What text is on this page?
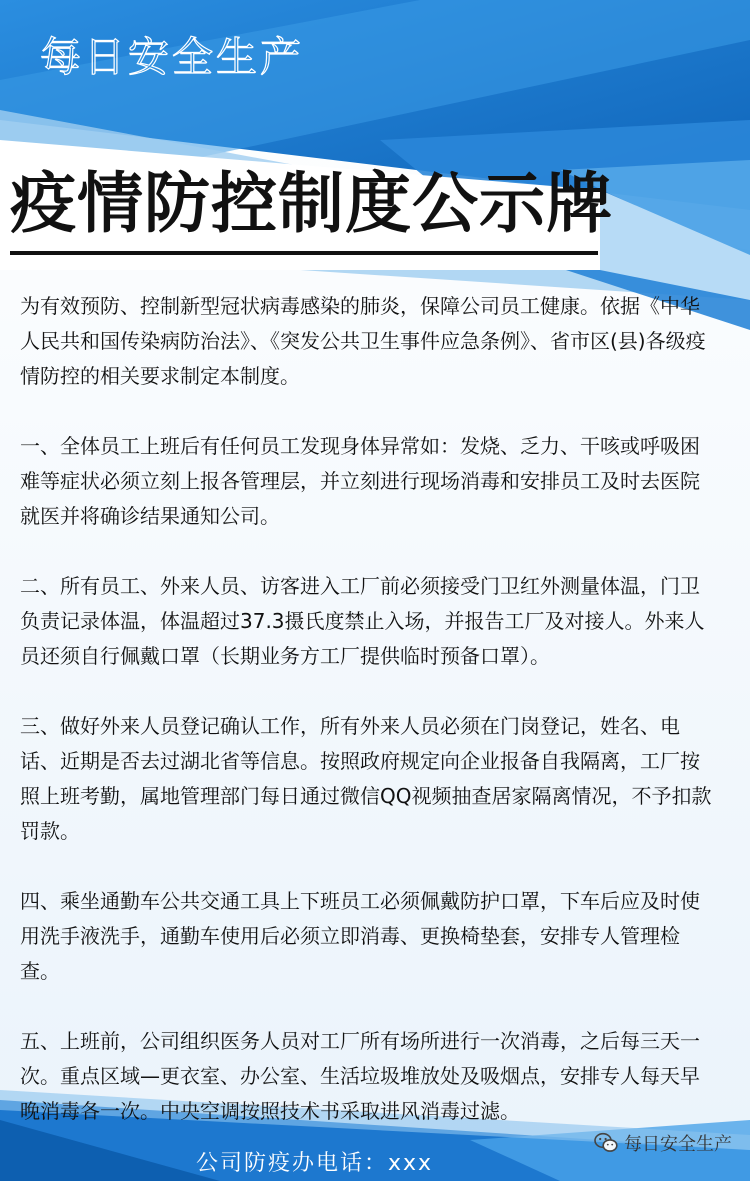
每日安全生产
疫情防控制度公示牌

为有效预防、控制新型冠状病毒感染的肺炎，保障公司员工健康。依据《中华人民共和国传染病防治法》、《突发公共卫生事件应急条例》、省市区(县)各级疫情防控的相关要求制定本制度。

一、全体员工上班后有任何员工发现身体异常如：发烧、乏力、干咳或呼吸困难等症状必须立刻上报各管理层，并立刻进行现场消毒和安排员工及时去医院就医并将确诊结果通知公司。

二、所有员工、外来人员、访客进入工厂前必须接受门卫红外测量体温，门卫负责记录体温，体温超过37.3摄氏度禁止入场，并报告工厂及对接人。外来人员还须自行佩戴口罩（长期业务方工厂提供临时预备口罩）。

三、做好外来人员登记确认工作，所有外来人员必须在门岗登记，姓名、电话、近期是否去过湖北省等信息。按照政府规定向企业报备自我隔离，工厂按照上班考勤，属地管理部门每日通过微信QQ视频抽查居家隔离情况，不予扣款罚款。

四、乘坐通勤车公共交通工具上下班员工必须佩戴防护口罩，下车后应及时使用洗手液洗手，通勤车使用后必须立即消毒、更换椅垫套，安排专人管理检查。

五、上班前，公司组织医务人员对工厂所有场所进行一次消毒，之后每三天一次。重点区域—更衣室、办公室、生活垃圾堆放处及吸烟点，安排专人每天早晚消毒各一次。中央空调按照技术书采取进风消毒过滤。

公司防疫办电话：xxx
每日安全生产
